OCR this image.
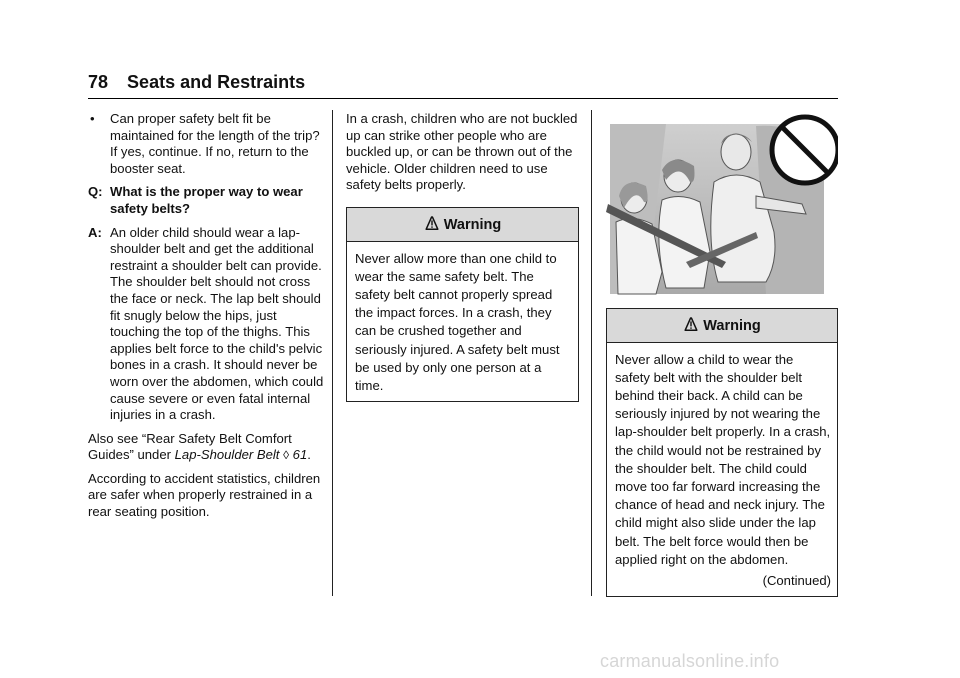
78 Seats and Restraints
• Can proper safety belt fit be maintained for the length of the trip? If yes, continue. If no, return to the booster seat.
Q: What is the proper way to wear safety belts?
A: An older child should wear a lap-shoulder belt and get the additional restraint a shoulder belt can provide. The shoulder belt should not cross the face or neck. The lap belt should fit snugly below the hips, just touching the top of the thighs. This applies belt force to the child's pelvic bones in a crash. It should never be worn over the abdomen, which could cause severe or even fatal internal injuries in a crash.

Also see “Rear Safety Belt Comfort Guides” under Lap-Shoulder Belt ◊ 61.

According to accident statistics, children are safer when properly restrained in a rear seating position.

In a crash, children who are not buckled up can strike other people who are buckled up, or can be thrown out of the vehicle. Older children need to use safety belts properly.

Warning
Never allow more than one child to wear the same safety belt. The safety belt cannot properly spread the impact forces. In a crash, they can be crushed together and seriously injured. A safety belt must be used by only one person at a time.
Warning
Never allow a child to wear the safety belt with the shoulder belt behind their back. A child can be seriously injured by not wearing the lap-shoulder belt properly. In a crash, the child would not be restrained by the shoulder belt. The child could move too far forward increasing the chance of head and neck injury. The child might also slide under the lap belt. The belt force would then be applied right on the abdomen.
(Continued)
carmanualsonline.info
